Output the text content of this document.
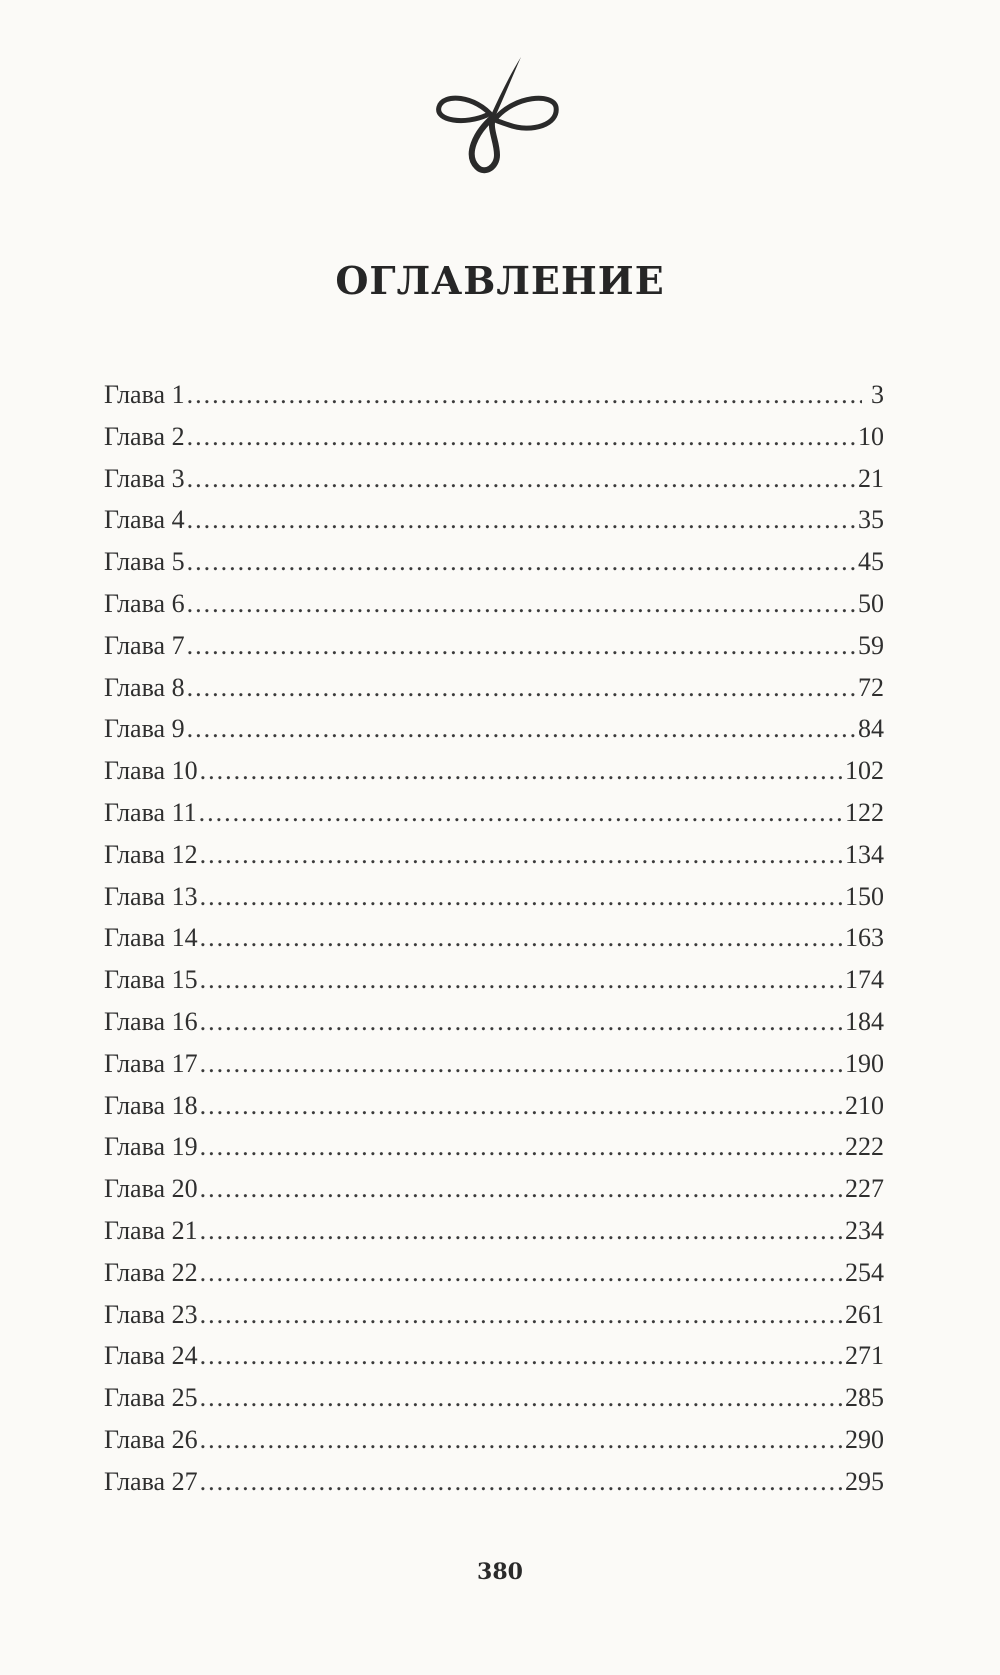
ОГЛАВЛЕНИЕ
Глава 1 .....	3
Глава 2 .....	10
Глава 3 .....	21
Глава 4 .....	35
Глава 5 .....	45
Глава 6 .....	50
Глава 7 .....	59
Глава 8 .....	72
Глава 9 .....	84
Глава 10 .....	102
Глава 11 .....	122
Глава 12 .....	134
Глава 13 .....	150
Глава 14 .....	163
Глава 15 .....	174
Глава 16 .....	184
Глава 17 .....	190
Глава 18 .....	210
Глава 19 .....	222
Глава 20 .....	227
Глава 21 .....	234
Глава 22 .....	254
Глава 23 .....	261
Глава 24 .....	271
Глава 25 .....	285
Глава 26 .....	290
Глава 27 .....	295
380
